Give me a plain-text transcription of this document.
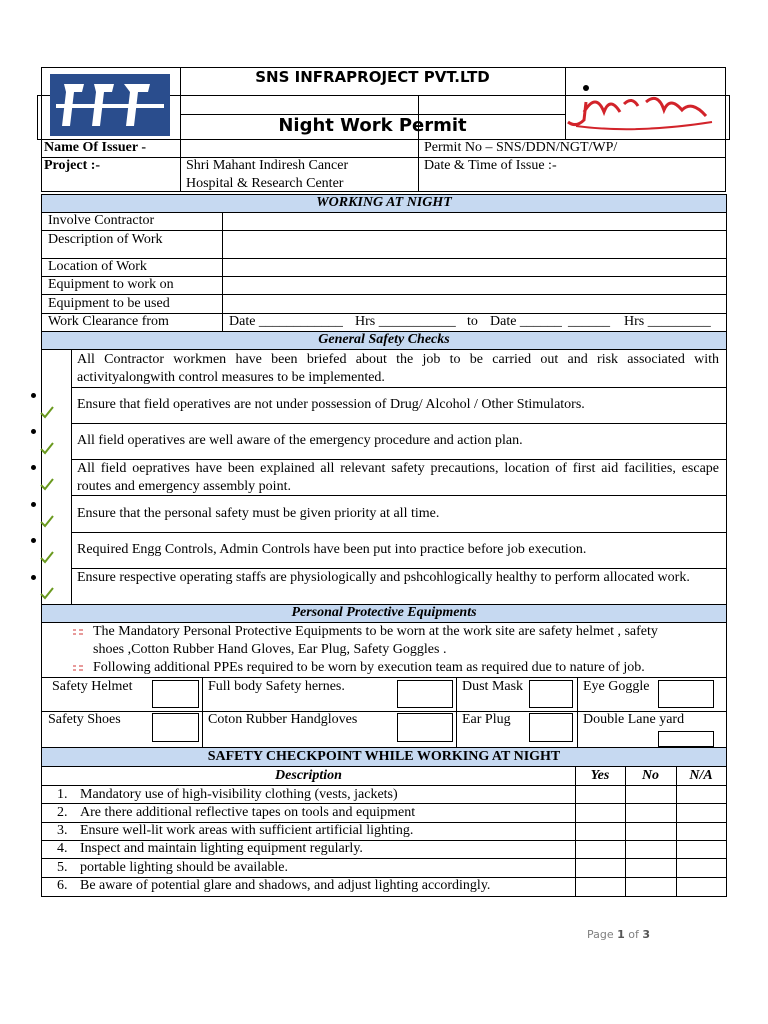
SNS INFRAPROJECT PVT.LTD
Night Work Permit
Name Of Issuer -	Permit No – SNS/DDN/NGT/WP/
Project :-	Shri Mahant Indiresh Cancer
Hospital & Research Center
Date & Time of Issue :-
WORKING AT NIGHT
Involve Contractor
Description of Work
Location of Work
Equipment to work on
Equipment to be used
Work Clearance from	Date ____________ Hrs ___________ to Date ______ ______ Hrs _________
General Safety Checks
All Contractor workmen have been briefed about the job to be carried out and risk associated with activityalongwith control measures to be implemented.
Ensure that field operatives are not under possession of Drug/ Alcohol / Other Stimulators.
All field operatives are well aware of the emergency procedure and action plan.
All field oepratives have been explained all relevant safety precautions, location of first aid facilities, escape routes and emergency assembly point.
Ensure that the personal safety must be given priority at all time.
Required Engg Controls, Admin Controls have been put into practice before job execution.
Ensure respective operating staffs are physiologically and pshcohlogically healthy to perform allocated work.
Personal Protective Equipments
The Mandatory Personal Protective Equipments to be worn at the work site are safety helmet , safety
shoes ,Cotton Rubber Hand Gloves, Ear Plug, Safety Goggles .
Following additional PPEs required to be worn by execution team as required due to nature of job.
Safety Helmet	Full body Safety hernes.	Dust Mask	Eye Goggle
Safety Shoes	Coton Rubber Handgloves	Ear Plug	Double Lane yard
SAFETY CHECKPOINT WHILE WORKING AT NIGHT
Description	Yes	No	N/A
1. Mandatory use of high-visibility clothing (vests, jackets)
2. Are there additional reflective tapes on tools and equipment
3. Ensure well-lit work areas with sufficient artificial lighting.
4. Inspect and maintain lighting equipment regularly.
5. portable lighting should be available.
6. Be aware of potential glare and shadows, and adjust lighting accordingly.
Page 1 of 3
